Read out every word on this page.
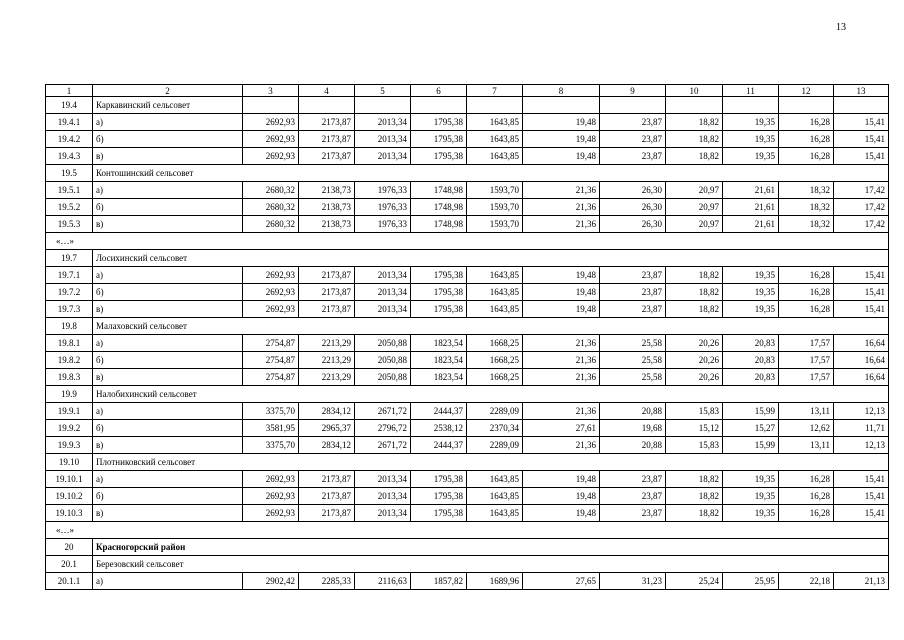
13
1	2	3	4	5	6	7	8	9	10	11	12	13
19.4	Каркавинский сельсовет											
19.4.1	а)	2692,93	2173,87	2013,34	1795,38	1643,85	19,48	23,87	18,82	19,35	16,28	15,41
19.4.2	б)	2692,93	2173,87	2013,34	1795,38	1643,85	19,48	23,87	18,82	19,35	16,28	15,41
19.4.3	в)	2692,93	2173,87	2013,34	1795,38	1643,85	19,48	23,87	18,82	19,35	16,28	15,41
19.5	Контошинский сельсовет											
19.5.1	а)	2680,32	2138,73	1976,33	1748,98	1593,70	21,36	26,30	20,97	21,61	18,32	17,42
19.5.2	б)	2680,32	2138,73	1976,33	1748,98	1593,70	21,36	26,30	20,97	21,61	18,32	17,42
19.5.3	в)	2680,32	2138,73	1976,33	1748,98	1593,70	21,36	26,30	20,97	21,61	18,32	17,42
«…»												
19.7	Лосихинский сельсовет											
19.7.1	а)	2692,93	2173,87	2013,34	1795,38	1643,85	19,48	23,87	18,82	19,35	16,28	15,41
19.7.2	б)	2692,93	2173,87	2013,34	1795,38	1643,85	19,48	23,87	18,82	19,35	16,28	15,41
19.7.3	в)	2692,93	2173,87	2013,34	1795,38	1643,85	19,48	23,87	18,82	19,35	16,28	15,41
19.8	Малаховский сельсовет											
19.8.1	а)	2754,87	2213,29	2050,88	1823,54	1668,25	21,36	25,58	20,26	20,83	17,57	16,64
19.8.2	б)	2754,87	2213,29	2050,88	1823,54	1668,25	21,36	25,58	20,26	20,83	17,57	16,64
19.8.3	в)	2754,87	2213,29	2050,88	1823,54	1668,25	21,36	25,58	20,26	20,83	17,57	16,64
19.9	Налобихинский сельсовет											
19.9.1	а)	3375,70	2834,12	2671,72	2444,37	2289,09	21,36	20,88	15,83	15,99	13,11	12,13
19.9.2	б)	3581,95	2965,37	2796,72	2538,12	2370,34	27,61	19,68	15,12	15,27	12,62	11,71
19.9.3	в)	3375,70	2834,12	2671,72	2444,37	2289,09	21,36	20,88	15,83	15,99	13,11	12,13
19.10	Плотниковский сельсовет											
19.10.1	а)	2692,93	2173,87	2013,34	1795,38	1643,85	19,48	23,87	18,82	19,35	16,28	15,41
19.10.2	б)	2692,93	2173,87	2013,34	1795,38	1643,85	19,48	23,87	18,82	19,35	16,28	15,41
19.10.3	в)	2692,93	2173,87	2013,34	1795,38	1643,85	19,48	23,87	18,82	19,35	16,28	15,41
«…»												
20	Красногорский район											
20.1	Березовский сельсовет											
20.1.1	а)	2902,42	2285,33	2116,63	1857,82	1689,96	27,65	31,23	25,24	25,95	22,18	21,13
